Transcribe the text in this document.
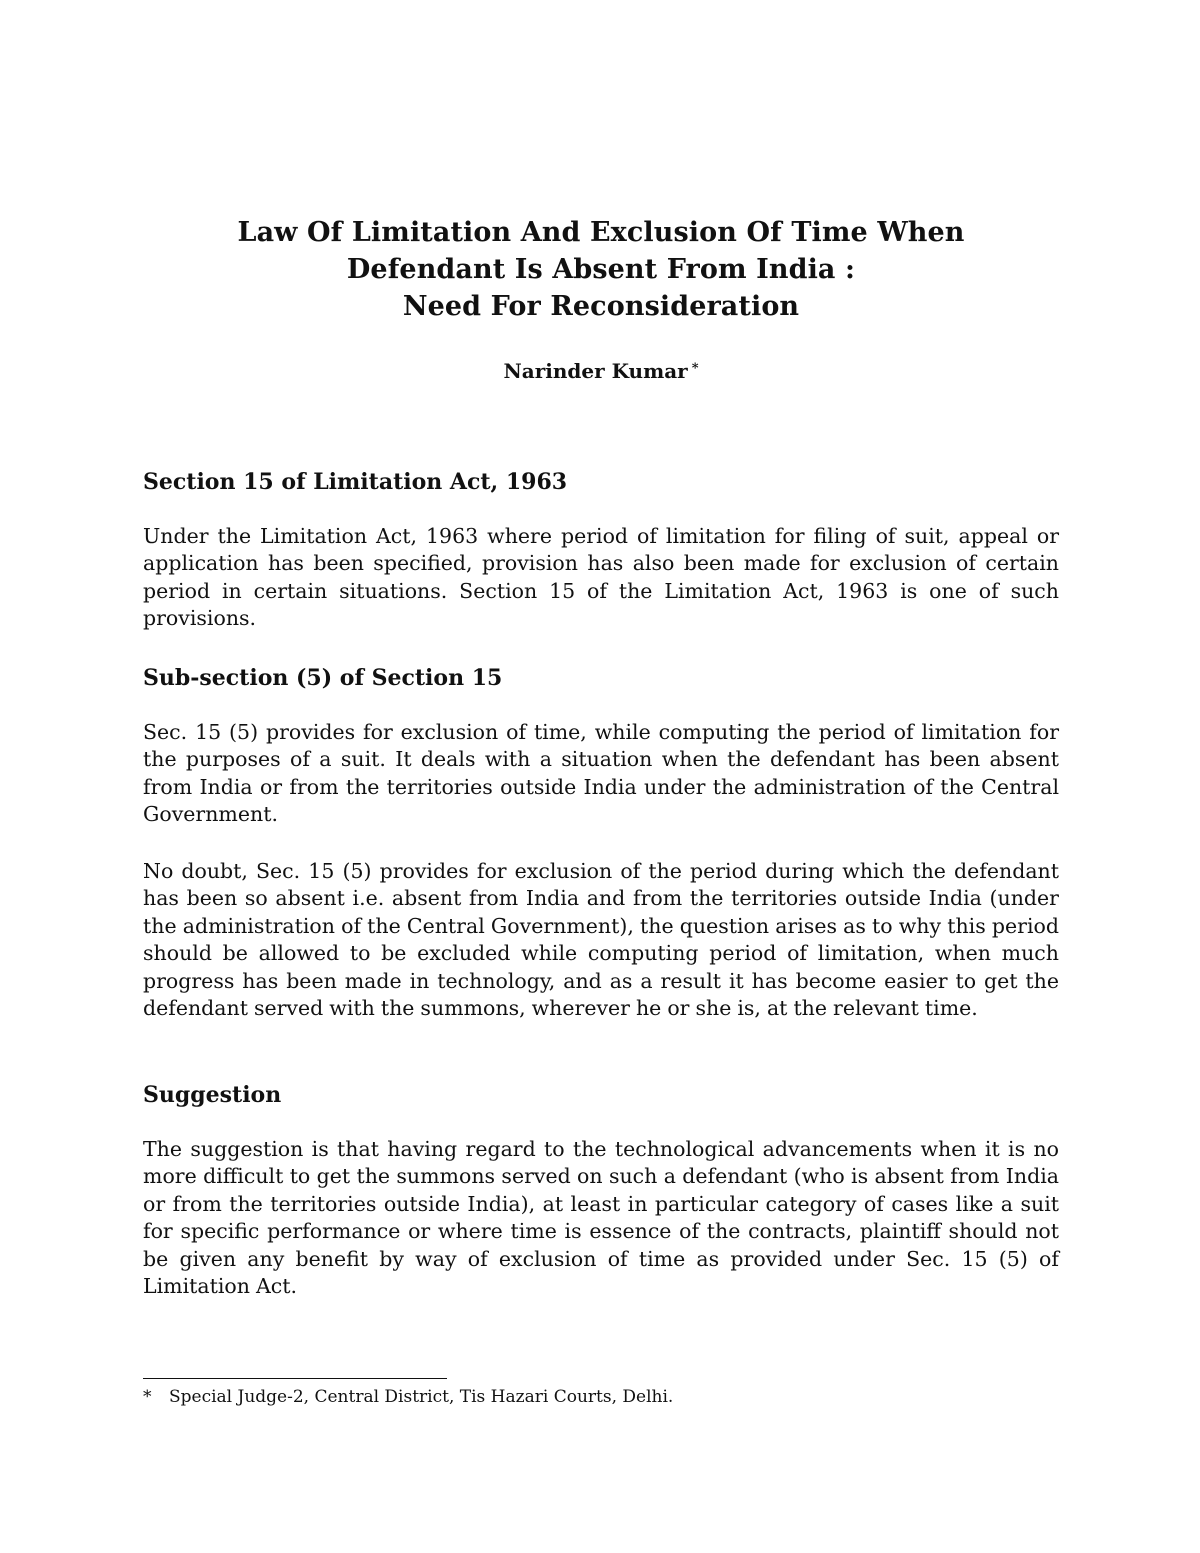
Law Of Limitation And Exclusion Of Time When
Defendant Is Absent From India :
Need For Reconsideration
Narinder Kumar *
Section 15 of Limitation Act, 1963

Under the Limitation Act, 1963 where period of limitation for filing of suit, appeal or application has been specified, provision has also been made for exclusion of certain period in certain situations. Section 15 of the Limitation Act, 1963 is one of such provisions.

Sub-section (5) of Section 15

Sec. 15 (5) provides for exclusion of time, while computing the period of limitation for the purposes of a suit. It deals with a situation when the defendant has been absent from India or from the territories outside India under the administration of the Central Government.

No doubt, Sec. 15 (5) provides for exclusion of the period during which the defendant has been so absent i.e. absent from India and from the territories outside India (under the administration of the Central Government), the question arises as to why this period should be allowed to be excluded while computing period of limitation, when much progress has been made in technology, and as a result it has become easier to get the defendant served with the summons, wherever he or she is, at the relevant time.

Suggestion

The suggestion is that having regard to the technological advancements when it is no more difficult to get the summons served on such a defendant (who is absent from India or from the territories outside India), at least in particular category of cases like a suit for specific performance or where time is essence of the contracts, plaintiff should not be given any benefit by way of exclusion of time as provided under Sec. 15 (5) of Limitation Act.

* Special Judge-2, Central District, Tis Hazari Courts, Delhi.
